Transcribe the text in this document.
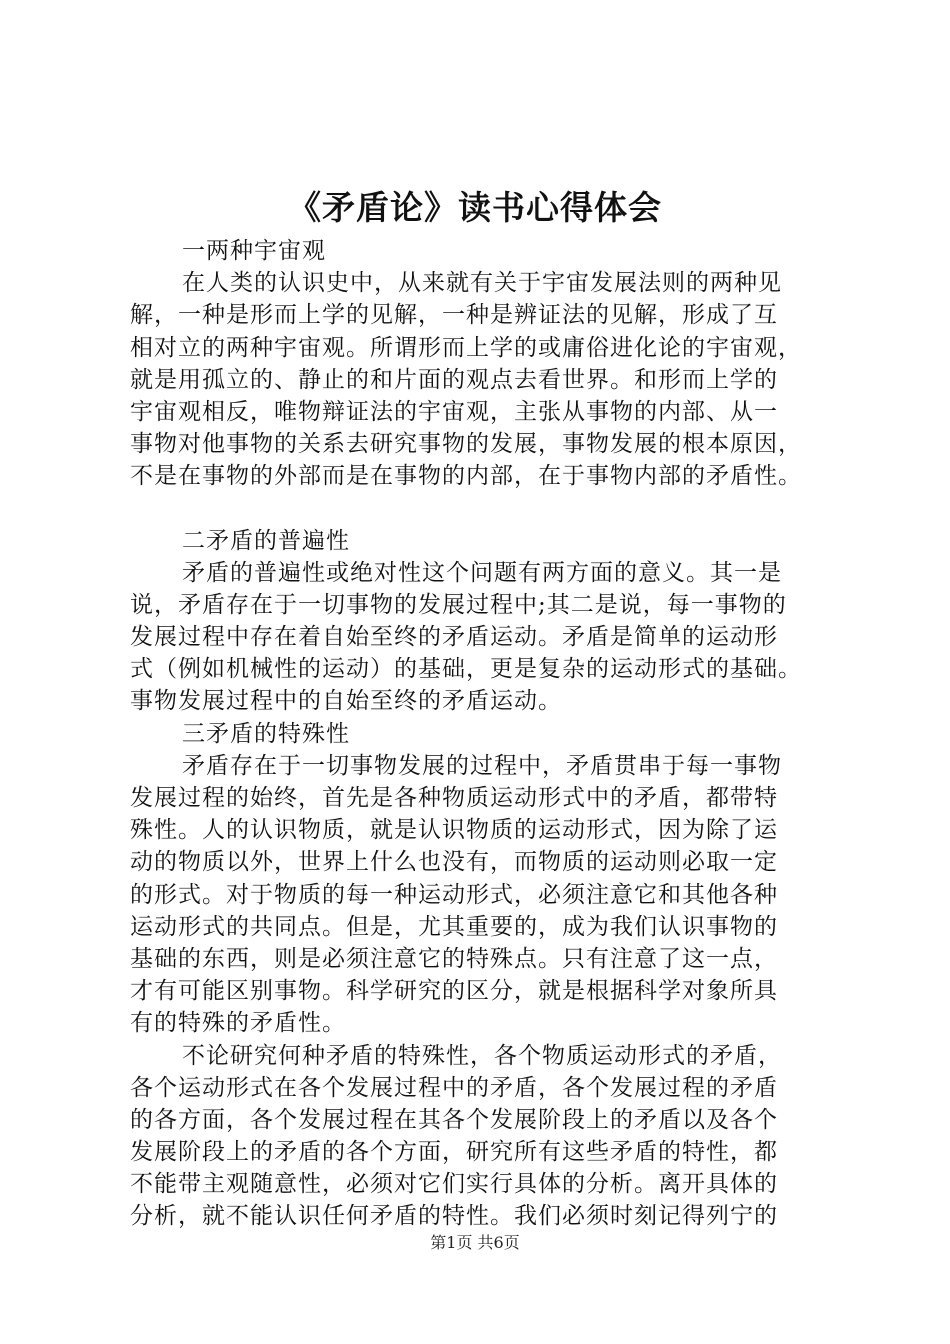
《矛盾论》读书心得体会
一两种宇宙观
在人类的认识史中，从来就有关于宇宙发展法则的两种见
解，一种是形而上学的见解，一种是辨证法的见解，形成了互
相对立的两种宇宙观。所谓形而上学的或庸俗进化论的宇宙观，
就是用孤立的、静止的和片面的观点去看世界。和形而上学的
宇宙观相反，唯物辩证法的宇宙观，主张从事物的内部、从一
事物对他事物的关系去研究事物的发展，事物发展的根本原因，
不是在事物的外部而是在事物的内部，在于事物内部的矛盾性。
二矛盾的普遍性
矛盾的普遍性或绝对性这个问题有两方面的意义。其一是
说，矛盾存在于一切事物的发展过程中;其二是说，每一事物的
发展过程中存在着自始至终的矛盾运动。矛盾是简单的运动形
式（例如机械性的运动）的基础，更是复杂的运动形式的基础。
事物发展过程中的自始至终的矛盾运动。
三矛盾的特殊性
矛盾存在于一切事物发展的过程中，矛盾贯串于每一事物
发展过程的始终，首先是各种物质运动形式中的矛盾，都带特
殊性。人的认识物质，就是认识物质的运动形式，因为除了运
动的物质以外，世界上什么也没有，而物质的运动则必取一定
的形式。对于物质的每一种运动形式，必须注意它和其他各种
运动形式的共同点。但是，尤其重要的，成为我们认识事物的
基础的东西，则是必须注意它的特殊点。只有注意了这一点，
才有可能区别事物。科学研究的区分，就是根据科学对象所具
有的特殊的矛盾性。
不论研究何种矛盾的特殊性，各个物质运动形式的矛盾，
各个运动形式在各个发展过程中的矛盾，各个发展过程的矛盾
的各方面，各个发展过程在其各个发展阶段上的矛盾以及各个
发展阶段上的矛盾的各个方面，研究所有这些矛盾的特性，都
不能带主观随意性，必须对它们实行具体的分析。离开具体的
分析，就不能认识任何矛盾的特性。我们必须时刻记得列宁的
第1页 共6页
